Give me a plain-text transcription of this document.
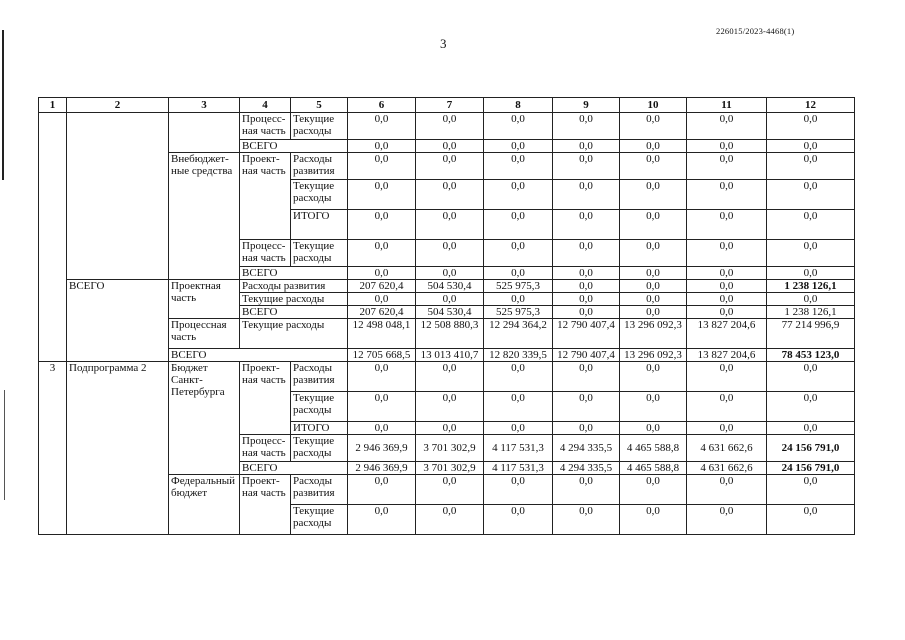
3
226015/2023-4468(1)
1	2	3	4	5	6	7	8	9	10	11	12
			Процесс-ная часть	Текущие расходы	0,0	0,0	0,0	0,0	0,0	0,0	0,0
			ВСЕГО		0,0	0,0	0,0	0,0	0,0	0,0	0,0
		Внебюджет-ные средства	Проект-ная часть	Расходы развития	0,0	0,0	0,0	0,0	0,0	0,0	0,0
				Текущие расходы	0,0	0,0	0,0	0,0	0,0	0,0	0,0
				ИТОГО	0,0	0,0	0,0	0,0	0,0	0,0	0,0
			Процесс-ная часть	Текущие расходы	0,0	0,0	0,0	0,0	0,0	0,0	0,0
			ВСЕГО		0,0	0,0	0,0	0,0	0,0	0,0	0,0
	ВСЕГО	Проектная часть	Расходы развития		207 620,4	504 530,4	525 975,3	0,0	0,0	0,0	1 238 126,1
			Текущие расходы		0,0	0,0	0,0	0,0	0,0	0,0	0,0
			ВСЕГО		207 620,4	504 530,4	525 975,3	0,0	0,0	0,0	1 238 126,1
		Процессная часть	Текущие расходы		12 498 048,1	12 508 880,3	12 294 364,2	12 790 407,4	13 296 092,3	13 827 204,6	77 214 996,9
		ВСЕГО			12 705 668,5	13 013 410,7	12 820 339,5	12 790 407,4	13 296 092,3	13 827 204,6	78 453 123,0
3	Подпрограмма 2	Бюджет Санкт-Петербурга	Проект-ная часть	Расходы развития	0,0	0,0	0,0	0,0	0,0	0,0	0,0
				Текущие расходы	0,0	0,0	0,0	0,0	0,0	0,0	0,0
				ИТОГО	0,0	0,0	0,0	0,0	0,0	0,0	0,0
			Процесс-ная часть	Текущие расходы	2 946 369,9	3 701 302,9	4 117 531,3	4 294 335,5	4 465 588,8	4 631 662,6	24 156 791,0
			ВСЕГО		2 946 369,9	3 701 302,9	4 117 531,3	4 294 335,5	4 465 588,8	4 631 662,6	24 156 791,0
		Федеральный бюджет	Проект-ная часть	Расходы развития	0,0	0,0	0,0	0,0	0,0	0,0	0,0
				Текущие расходы	0,0	0,0	0,0	0,0	0,0	0,0	0,0
